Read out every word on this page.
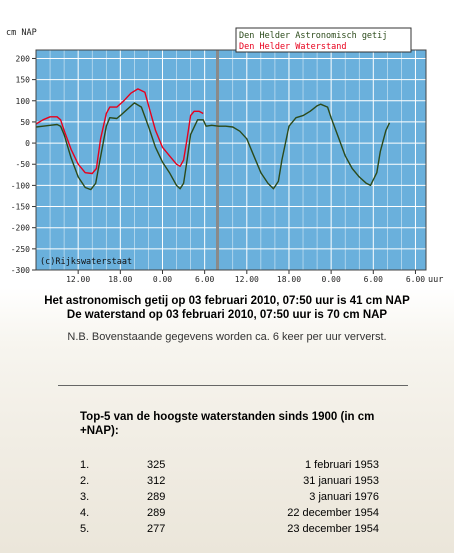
-300
-250
-200
-150
-100
-50
0
50
100
150
200
12.00 18.00	0.00	6.00	12.00 18.00	0.00	6.00	6.00
cm NAP
uur
(c)Rijkswaterstaat
Den Helder Astronomisch getij
Den Helder Waterstand
Het astronomisch getij op 03 februari 2010, 07:50 uur is 41 cm NAP
De waterstand op 03 februari 2010, 07:50 uur is 70 cm NAP
N.B. Bovenstaande gegevens worden ca. 6 keer per uur ververst.
Top-5 van de hoogste waterstanden sinds 1900 (in cm +NAP):
1.	325	1 februari 1953
2.	312	31 januari 1953
3.	289	3 januari 1976
4.	289	22 december 1954
5.	277	23 december 1954
